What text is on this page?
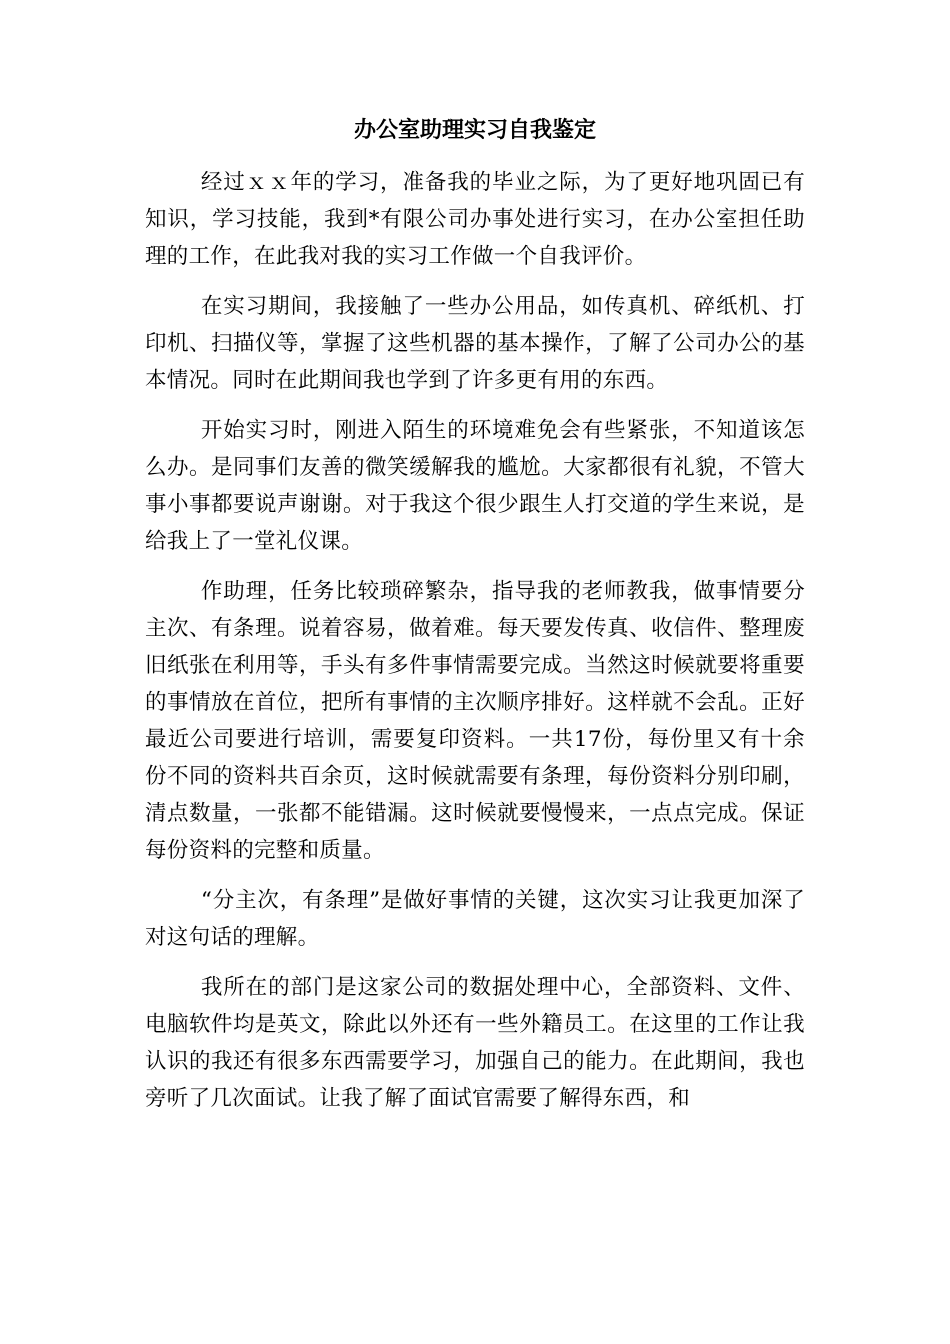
办公室助理实习自我鉴定

经过ｘｘ年的学习，准备我的毕业之际，为了更好地巩固已有知识，学习技能，我到*有限公司办事处进行实习，在办公室担任助理的工作，在此我对我的实习工作做一个自我评价。

在实习期间，我接触了一些办公用品，如传真机、碎纸机、打印机、扫描仪等，掌握了这些机器的基本操作，了解了公司办公的基本情况。同时在此期间我也学到了许多更有用的东西。

开始实习时，刚进入陌生的环境难免会有些紧张，不知道该怎么办。是同事们友善的微笑缓解我的尴尬。大家都很有礼貌，不管大事小事都要说声谢谢。对于我这个很少跟生人打交道的学生来说，是给我上了一堂礼仪课。

作助理，任务比较琐碎繁杂，指导我的老师教我，做事情要分主次、有条理。说着容易，做着难。每天要发传真、收信件、整理废旧纸张在利用等，手头有多件事情需要完成。当然这时候就要将重要的事情放在首位，把所有事情的主次顺序排好。这样就不会乱。正好最近公司要进行培训，需要复印资料。一共17份，每份里又有十余份不同的资料共百余页，这时候就需要有条理，每份资料分别印刷，清点数量，一张都不能错漏。这时候就要慢慢来，一点点完成。保证每份资料的完整和质量。

“分主次，有条理”是做好事情的关键，这次实习让我更加深了对这句话的理解。

我所在的部门是这家公司的数据处理中心，全部资料、文件、电脑软件均是英文，除此以外还有一些外籍员工。在这里的工作让我认识的我还有很多东西需要学习，加强自己的能力。在此期间，我也旁听了几次面试。让我了解了面试官需要了解得东西，和
